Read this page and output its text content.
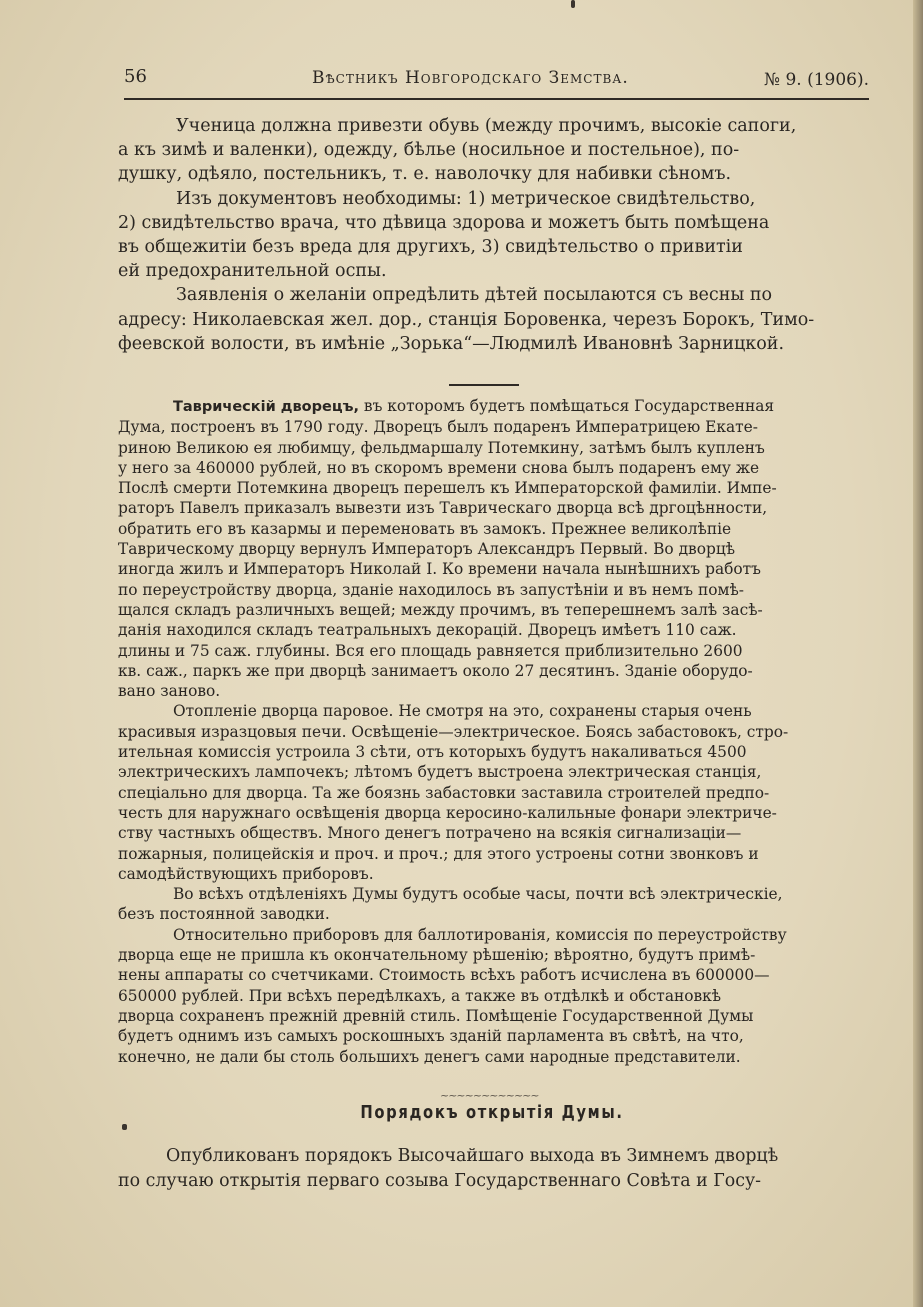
56	Вѣстникъ Новгородскаго Земства.	№ 9. (1906).

Ученица должна привезти обувь (между прочимъ, высокіе сапоги,
а къ зимѣ и валенки), одежду, бѣлье (носильное и постельное), по-
душку, одѣяло, постельникъ, т. е. наволочку для набивки сѣномъ.

Изъ документовъ необходимы: 1) метрическое свидѣтельство,
2) свидѣтельство врача, что дѣвица здорова и можетъ быть помѣщена
въ общежитіи безъ вреда для другихъ, 3) свидѣтельство о привитіи
ей предохранительной оспы.

Заявленія о желаніи опредѣлить дѣтей посылаются съ весны по
адресу: Николаевская жел. дор., станція Боровенка, черезъ Борокъ, Тимо-
феевской волости, въ имѣніе „Зорька“—Людмилѣ Ивановнѣ Зарницкой.

Таврическій дворецъ, въ которомъ будетъ помѣщаться Государственная
Дума, построенъ въ 1790 году. Дворецъ былъ подаренъ Императрицею Екате-
риною Великою ея любимцу, фельдмаршалу Потемкину, затѣмъ былъ купленъ
у него за 460000 рублей, но въ скоромъ времени снова былъ подаренъ ему же
Послѣ смерти Потемкина дворецъ перешелъ къ Императорской фамиліи. Импе-
раторъ Павелъ приказалъ вывезти изъ Таврическаго дворца всѣ дргоцѣнности,
обратить его въ казармы и переменовать въ замокъ. Прежнее великолѣпіе
Таврическому дворцу вернулъ Императоръ Александръ Первый. Во дворцѣ
иногда жилъ и Императоръ Николай I. Ко времени начала нынѣшнихъ работъ
по переустройству дворца, зданіе находилось въ запустѣніи и въ немъ помѣ-
щался складъ различныхъ вещей; между прочимъ, въ теперешнемъ залѣ засѣ-
данія находился складъ театральныхъ декорацій. Дворецъ имѣетъ 110 саж.
длины и 75 саж. глубины. Вся его площадь равняется приблизительно 2600
кв. саж., паркъ же при дворцѣ занимаетъ около 27 десятинъ. Зданіе оборудо-
вано заново.

Отопленіе дворца паровое. Не смотря на это, сохранены старыя очень
красивыя изразцовыя печи. Освѣщеніе—электрическое. Боясь забастовокъ, стро-
ительная комиссія устроила 3 сѣти, отъ которыхъ будутъ накаливаться 4500
электрическихъ лампочекъ; лѣтомъ будетъ выстроена электрическая станція,
спеціально для дворца. Та же боязнь забастовки заставила строителей предпо-
честь для наружнаго освѣщенія дворца керосино-калильные фонари электриче-
ству частныхъ обществъ. Много денегъ потрачено на всякія сигнализаціи—
пожарныя, полицейскія и проч. и проч.; для этого устроены сотни звонковъ и
самодѣйствующихъ приборовъ.

Во всѣхъ отдѣленіяхъ Думы будутъ особые часы, почти всѣ электрическіе,
безъ постоянной заводки.

Относительно приборовъ для баллотированія, комиссія по переустройству
дворца еще не пришла къ окончательному рѣшенію; вѣроятно, будутъ примѣ-
нены аппараты со счетчиками. Стоимость всѣхъ работъ исчислена въ 600000—
650000 рублей. При всѣхъ передѣлкахъ, а также въ отдѣлкѣ и обстановкѣ
дворца сохраненъ прежній древній стиль. Помѣщеніе Государственной Думы
будетъ однимъ изъ самыхъ роскошныхъ зданій парламента въ свѣтѣ, на что,
конечно, не дали бы столь большихъ денегъ сами народные представители.

~~~~~~~~~~~~
Порядокъ открытія Думы.

Опубликованъ порядокъ Высочайшаго выхода въ Зимнемъ дворцѣ
по случаю открытія перваго созыва Государственнаго Совѣта и Госу-
